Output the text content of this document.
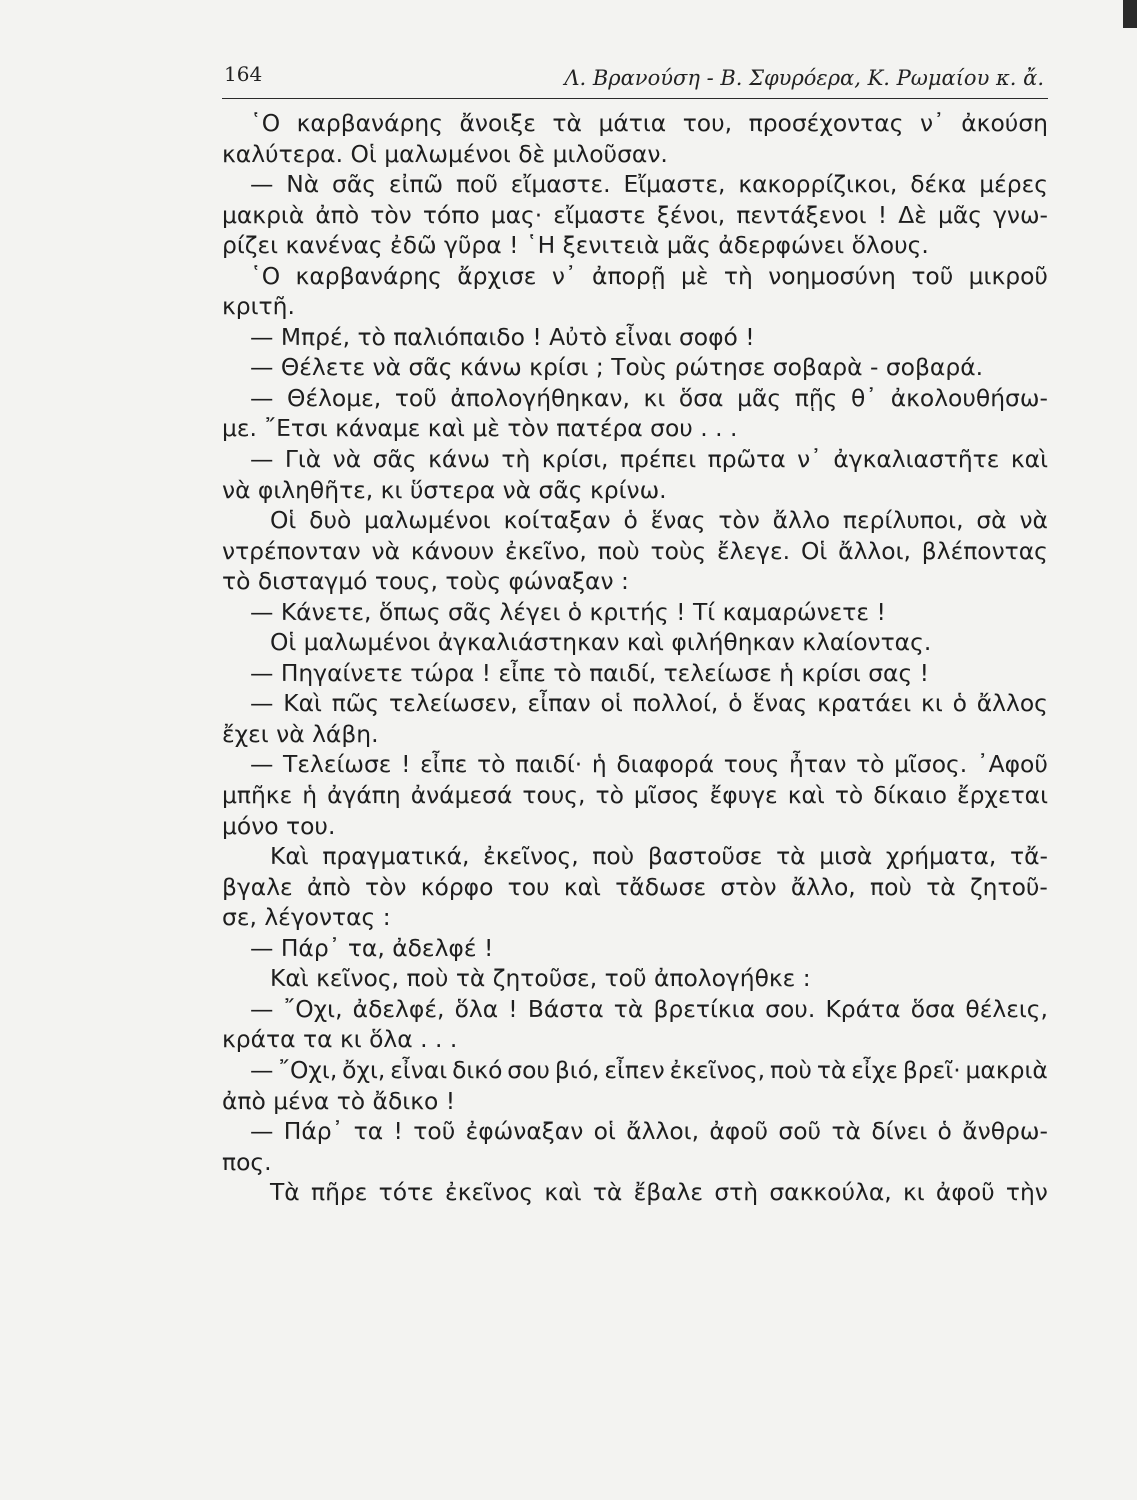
164	Λ. Βρανούση - Β. Σφυρόερα, Κ. Ρωμαίου κ. ἄ.
῾Ο καρβανάρης ἄνοιξε τὰ μάτια του, προσέχοντας ν᾽ ἀκούση
καλύτερα. Οἱ μαλωμένοι δὲ μιλοῦσαν.
— Νὰ σᾶς εἰπῶ ποῦ εἴμαστε. Εἴμαστε, κακορρίζικοι, δέκα μέρες
μακριὰ ἀπὸ τὸν τόπο μας· εἴμαστε ξένοι, πεντάξενοι ! Δὲ μᾶς γνω-
ρίζει κανένας ἐδῶ γῦρα ! ῾Η ξενιτειὰ μᾶς ἀδερφώνει ὅλους.
῾Ο καρβανάρης ἄρχισε ν᾽ ἀπορῇ μὲ τὴ νοημοσύνη τοῦ μικροῦ
κριτῆ.
— Μπρέ, τὸ παλιόπαιδο ! Αὐτὸ εἶναι σοφό !
— Θέλετε νὰ σᾶς κάνω κρίσι ; Τοὺς ρώτησε σοβαρὰ - σοβαρά.
— Θέλομε, τοῦ ἀπολογήθηκαν, κι ὅσα μᾶς πῇς θ᾽ ἀκολουθήσω-
με. ῎Ετσι κάναμε καὶ μὲ τὸν πατέρα σου . . .
— Γιὰ νὰ σᾶς κάνω τὴ κρίσι, πρέπει πρῶτα ν᾽ ἀγκαλιαστῆτε καὶ
νὰ φιληθῆτε, κι ὕστερα νὰ σᾶς κρίνω.
Οἱ δυὸ μαλωμένοι κοίταξαν ὁ ἕνας τὸν ἄλλο περίλυποι, σὰ νὰ
ντρέπονταν νὰ κάνουν ἐκεῖνο, ποὺ τοὺς ἔλεγε. Οἱ ἄλλοι, βλέποντας
τὸ δισταγμό τους, τοὺς φώναξαν :
— Κάνετε, ὅπως σᾶς λέγει ὁ κριτής ! Τί καμαρώνετε !
Οἱ μαλωμένοι ἀγκαλιάστηκαν καὶ φιλήθηκαν κλαίοντας.
— Πηγαίνετε τώρα ! εἶπε τὸ παιδί, τελείωσε ἡ κρίσι σας !
— Καὶ πῶς τελείωσεν, εἶπαν οἱ πολλοί, ὁ ἕνας κρατάει κι ὁ ἄλλος
ἔχει νὰ λάβη.
— Τελείωσε ! εἶπε τὸ παιδί· ἡ διαφορά τους ἦταν τὸ μῖσος. ᾽Αφοῦ
μπῆκε ἡ ἀγάπη ἀνάμεσά τους, τὸ μῖσος ἔφυγε καὶ τὸ δίκαιο ἔρχεται
μόνο του.
Καὶ πραγματικά, ἐκεῖνος, ποὺ βαστοῦσε τὰ μισὰ χρήματα, τἄ-
βγαλε ἀπὸ τὸν κόρφο του καὶ τἄδωσε στὸν ἄλλο, ποὺ τὰ ζητοῦ-
σε, λέγοντας :
— Πάρ᾽ τα, ἀδελφέ !
Καὶ κεῖνος, ποὺ τὰ ζητοῦσε, τοῦ ἀπολογήθκε :
— ῎Οχι, ἀδελφέ, ὅλα ! Βάστα τὰ βρετίκια σου. Κράτα ὅσα θέλεις,
κράτα τα κι ὅλα . . .
— ῎Οχι, ὄχι, εἶναι δικό σου βιό, εἶπεν ἐκεῖνος, ποὺ τὰ εἶχε βρεῖ· μακριὰ
ἀπὸ μένα τὸ ἄδικο !
— Πάρ᾽ τα ! τοῦ ἐφώναξαν οἱ ἄλλοι, ἀφοῦ σοῦ τὰ δίνει ὁ ἄνθρω-
πος.
Τὰ πῆρε τότε ἐκεῖνος καὶ τὰ ἔβαλε στὴ σακκούλα, κι ἀφοῦ τὴν
